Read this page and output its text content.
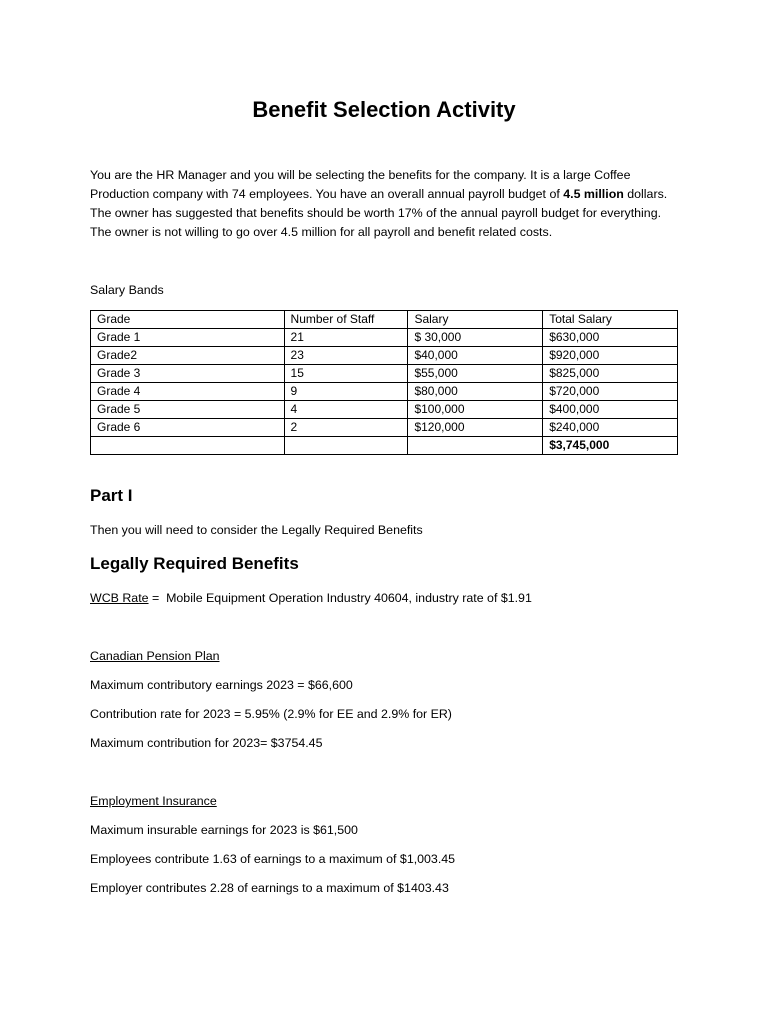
Benefit Selection Activity

You are the HR Manager and you will be selecting the benefits for the company. It is a large Coffee Production company with 74 employees. You have an overall annual payroll budget of 4.5 million dollars. The owner has suggested that benefits should be worth 17% of the annual payroll budget for everything. The owner is not willing to go over 4.5 million for all payroll and benefit related costs.

Salary Bands
Grade	Number of Staff	Salary	Total Salary
Grade 1	21	$ 30,000	$630,000
Grade2	23	$40,000	$920,000
Grade 3	15	$55,000	$825,000
Grade 4	9	$80,000	$720,000
Grade 5	4	$100,000	$400,000
Grade 6	2	$120,000	$240,000
			$3,745,000
Part I
Then you will need to consider the Legally Required Benefits
Legally Required Benefits
WCB Rate =  Mobile Equipment Operation Industry 40604, industry rate of $1.91
Canadian Pension Plan
Maximum contributory earnings 2023 = $66,600
Contribution rate for 2023 = 5.95% (2.9% for EE and 2.9% for ER)
Maximum contribution for 2023= $3754.45
Employment Insurance
Maximum insurable earnings for 2023 is $61,500
Employees contribute 1.63 of earnings to a maximum of $1,003.45
Employer contributes 2.28 of earnings to a maximum of $1403.43
